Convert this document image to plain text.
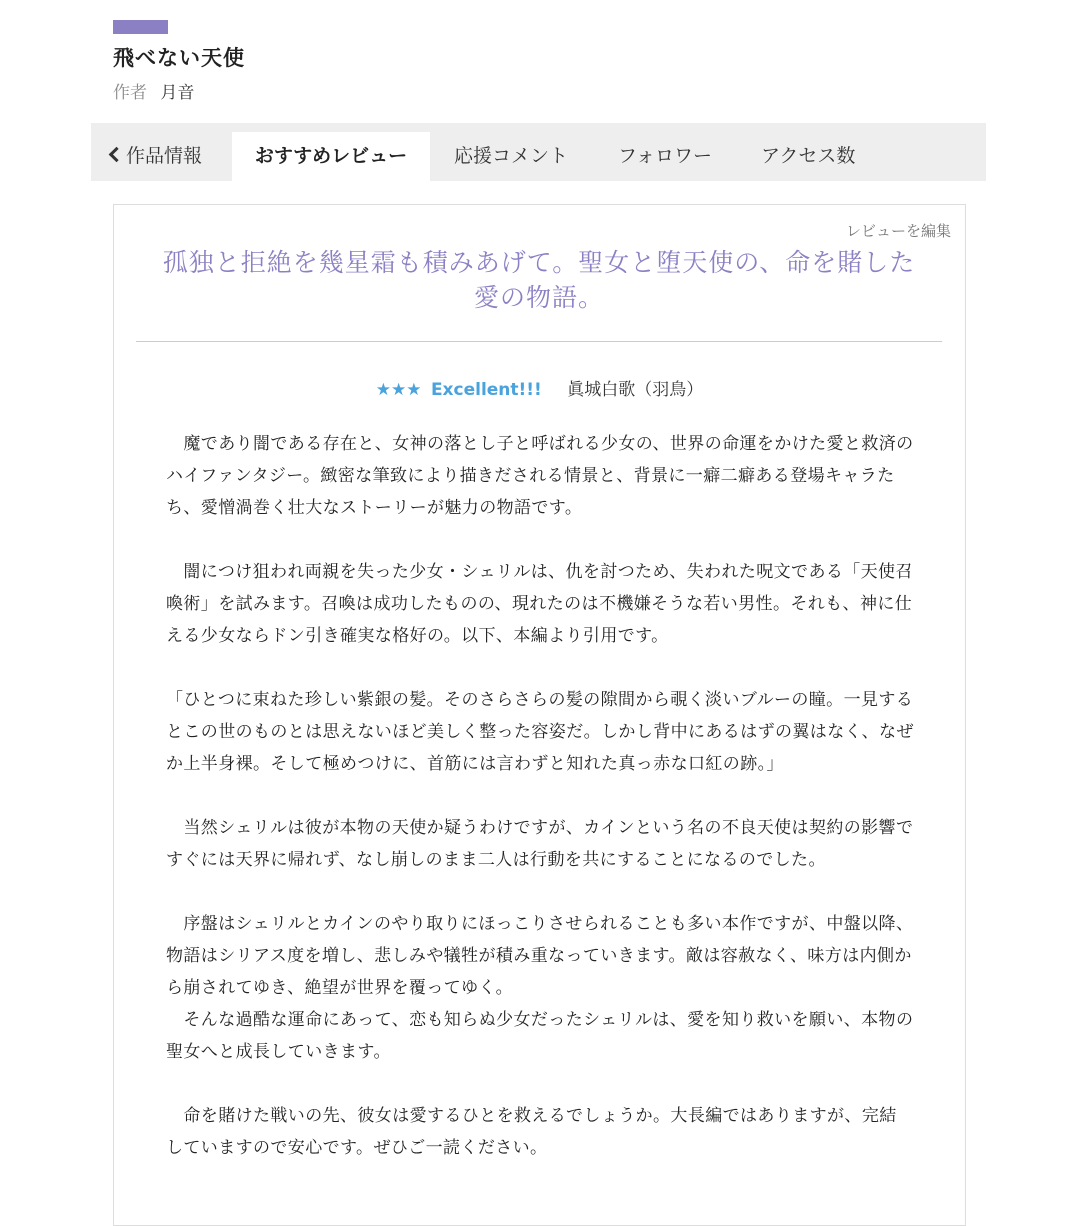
飛べない天使
作者 月音
作品情報	おすすめレビュー	応援コメント	フォロワー	アクセス数
レビューを編集
孤独と拒絶を幾星霜も積みあげて。聖女と堕天使の、命を賭した愛の物語。
★★★ Excellent!!! 眞城白歌（羽鳥）

　魔であり闇である存在と、女神の落とし子と呼ばれる少女の、世界の命運をかけた愛と救済のハイファンタジー。緻密な筆致により描きだされる情景と、背景に一癖二癖ある登場キャラたち、愛憎渦巻く壮大なストーリーが魅力の物語です。

　闇につけ狙われ両親を失った少女・シェリルは、仇を討つため、失われた呪文である「天使召喚術」を試みます。召喚は成功したものの、現れたのは不機嫌そうな若い男性。それも、神に仕える少女ならドン引き確実な格好の。以下、本編より引用です。

「ひとつに束ねた珍しい紫銀の髪。そのさらさらの髪の隙間から覗く淡いブルーの瞳。一見するとこの世のものとは思えないほど美しく整った容姿だ。しかし背中にあるはずの翼はなく、なぜか上半身裸。そして極めつけに、首筋には言わずと知れた真っ赤な口紅の跡。」

　当然シェリルは彼が本物の天使か疑うわけですが、カインという名の不良天使は契約の影響ですぐには天界に帰れず、なし崩しのまま二人は行動を共にすることになるのでした。

　序盤はシェリルとカインのやり取りにほっこりさせられることも多い本作ですが、中盤以降、物語はシリアス度を増し、悲しみや犠牲が積み重なっていきます。敵は容赦なく、味方は内側から崩されてゆき、絶望が世界を覆ってゆく。

　そんな過酷な運命にあって、恋も知らぬ少女だったシェリルは、愛を知り救いを願い、本物の聖女へと成長していきます。

　命を賭けた戦いの先、彼女は愛するひとを救えるでしょうか。大長編ではありますが、完結していますので安心です。ぜひご一読ください。
